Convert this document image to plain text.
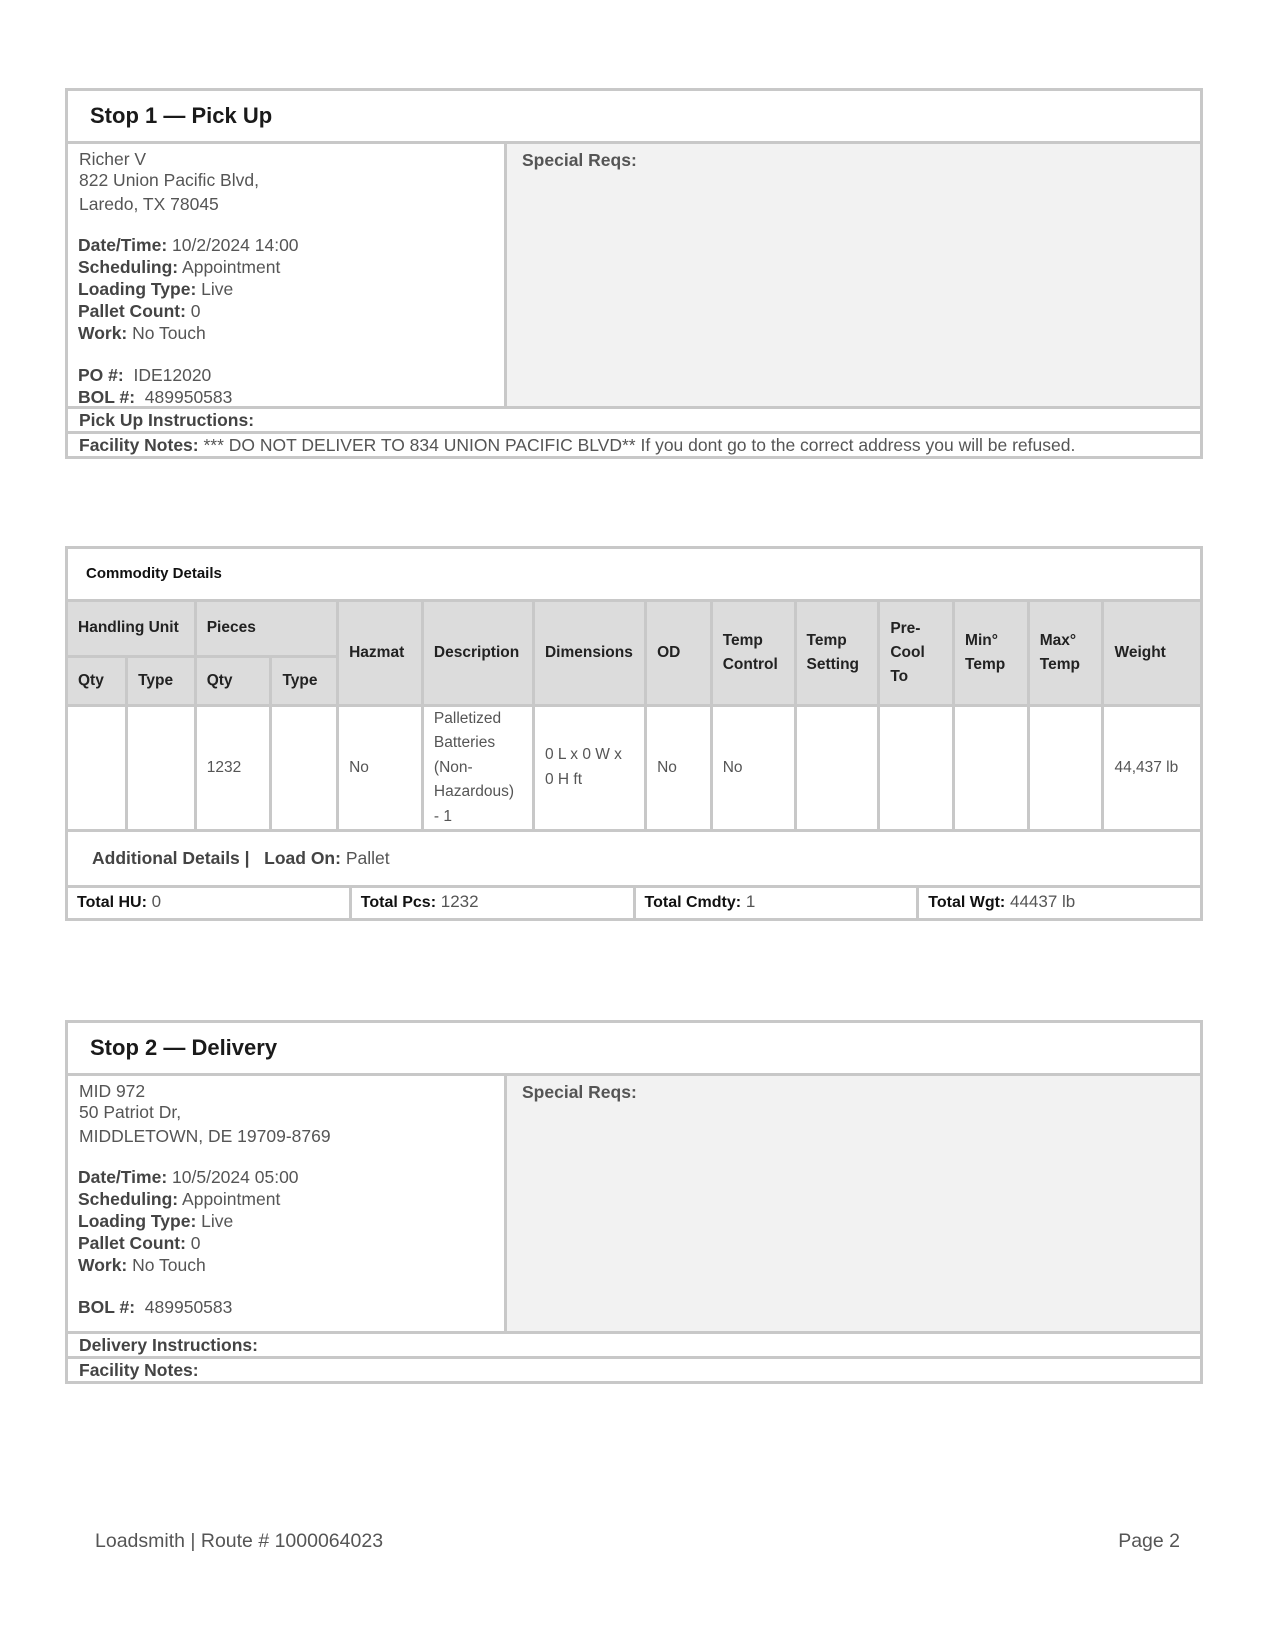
Stop 1 — Pick Up
Richer V
822 Union Pacific Blvd,
Laredo, TX 78045
Date/Time: 10/2/2024 14:00
Scheduling: Appointment
Loading Type: Live
Pallet Count: 0
Work: No Touch
PO #: IDE12020
BOL #: 489950583
Special Reqs:
Pick Up Instructions:
Facility Notes: *** DO NOT DELIVER TO 834 UNION PACIFIC BLVD** If you dont go to the correct address you will be refused.
Commodity Details
Handling Unit		Pieces		Hazmat	Description	Dimensions	OD	Temp Control	Temp Setting	Pre-Cool To	Min° Temp	Max° Temp	Weight
Qty	Type	Qty	Type										
		1232		No	Palletized Batteries (Non-Hazardous) - 1	0 L x 0 W x 0 H ft	No	No					44,437 lb
Additional Details | Load On: Pallet
Total HU: 0	Total Pcs: 1232	Total Cmdty: 1	Total Wgt: 44437 lb
Stop 2 — Delivery
MID 972
50 Patriot Dr,
MIDDLETOWN, DE 19709-8769
Date/Time: 10/5/2024 05:00
Scheduling: Appointment
Loading Type: Live
Pallet Count: 0
Work: No Touch
BOL #: 489950583
Special Reqs:
Delivery Instructions:
Facility Notes:
Loadsmith | Route # 1000064023	Page 2
